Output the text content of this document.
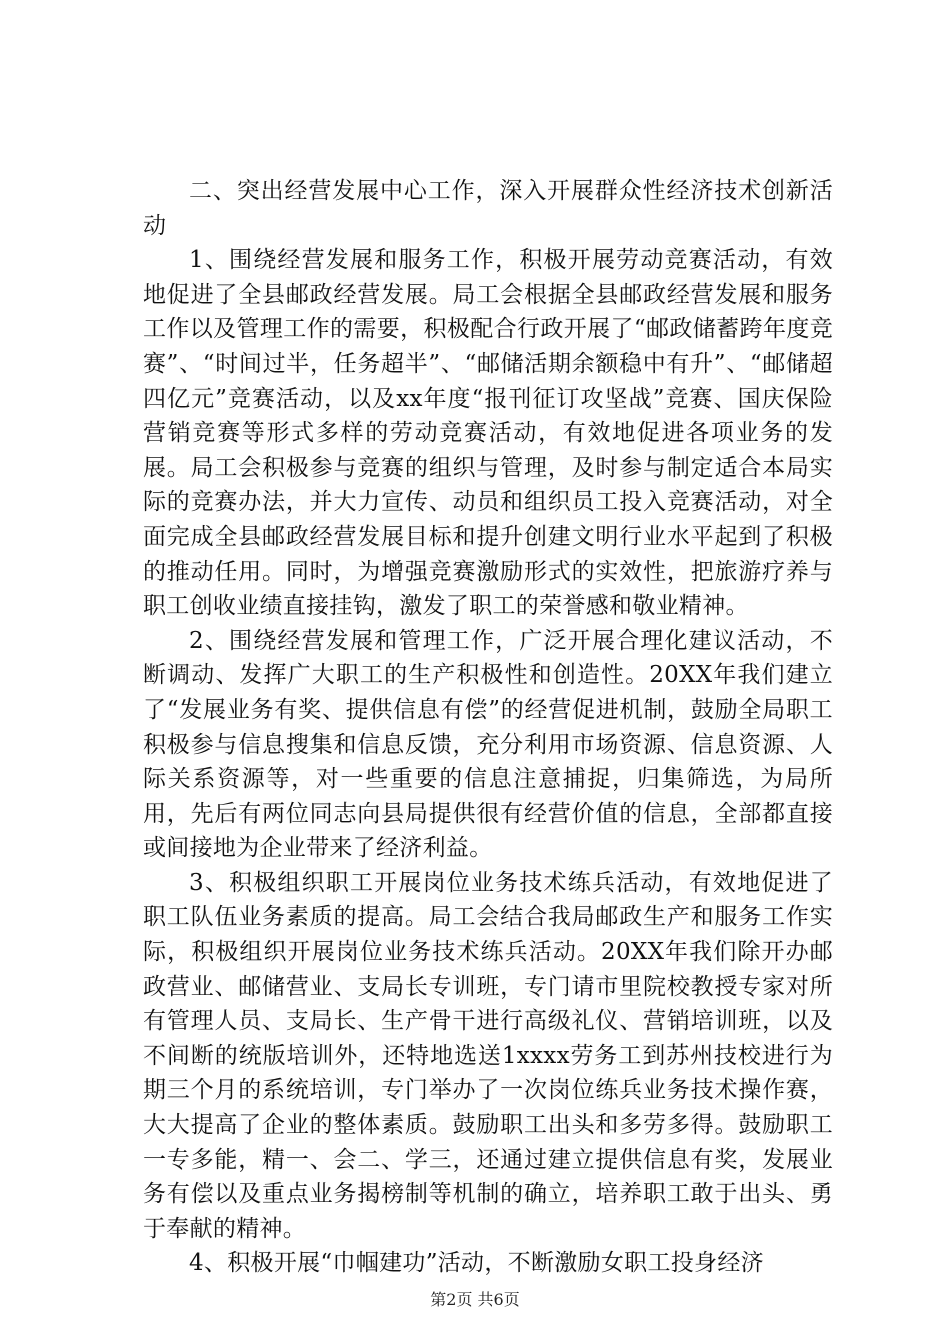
二、突出经营发展中心工作，深入开展群众性经济技术创新活动

1、围绕经营发展和服务工作，积极开展劳动竞赛活动，有效地促进了全县邮政经营发展。局工会根据全县邮政经营发展和服务工作以及管理工作的需要，积极配合行政开展了“邮政储蓄跨年度竞赛”、“时间过半，任务超半”、“邮储活期余额稳中有升”、“邮储超四亿元”竞赛活动，以及xx年度“报刊征订攻坚战”竞赛、国庆保险营销竞赛等形式多样的劳动竞赛活动，有效地促进各项业务的发展。局工会积极参与竞赛的组织与管理，及时参与制定适合本局实际的竞赛办法，并大力宣传、动员和组织员工投入竞赛活动，对全面完成全县邮政经营发展目标和提升创建文明行业水平起到了积极的推动任用。同时，为增强竞赛激励形式的实效性，把旅游疗养与职工创收业绩直接挂钩，激发了职工的荣誉感和敬业精神。

2、围绕经营发展和管理工作，广泛开展合理化建议活动，不断调动、发挥广大职工的生产积极性和创造性。20XX年我们建立了“发展业务有奖、提供信息有偿”的经营促进机制，鼓励全局职工积极参与信息搜集和信息反馈，充分利用市场资源、信息资源、人际关系资源等，对一些重要的信息注意捕捉，归集筛选，为局所用，先后有两位同志向县局提供很有经营价值的信息，全部都直接或间接地为企业带来了经济利益。

3、积极组织职工开展岗位业务技术练兵活动，有效地促进了职工队伍业务素质的提高。局工会结合我局邮政生产和服务工作实际，积极组织开展岗位业务技术练兵活动。20XX年我们除开办邮政营业、邮储营业、支局长专训班，专门请市里院校教授专家对所有管理人员、支局长、生产骨干进行高级礼仪、营销培训班，以及不间断的统版培训外，还特地选送1xxxx劳务工到苏州技校进行为期三个月的系统培训，专门举办了一次岗位练兵业务技术操作赛，大大提高了企业的整体素质。鼓励职工出头和多劳多得。鼓励职工一专多能，精一、会二、学三，还通过建立提供信息有奖，发展业务有偿以及重点业务揭榜制等机制的确立，培养职工敢于出头、勇于奉献的精神。

4、积极开展“巾帼建功”活动，不断激励女职工投身经济

第2页 共6页
